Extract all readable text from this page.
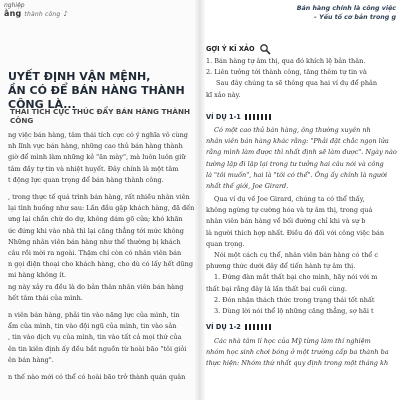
nghiệp
ằng thành công ♪
UYẾT ĐỊNH VẬN MỆNH,
ẦN CÓ ĐỂ BÁN HÀNG THÀNH CÔNG LÀ...
THÁI TÍCH CỰC THÚC ĐẨY BÁN HÀNG THÀNH CÔNG

ng việc bán hàng, tâm thái tích cực có ý nghĩa vô cùng

nh lĩnh vực bán hàng, những cao thủ bán hàng thành

giờ để mình làm những kẻ "ăn mày", mà luôn luôn giữ

tâm đầy tự tin và nhiệt huyết. Đây chính là một tâm

t động lực quan trọng để bán hàng thành công.

, trong thực tế quá trình bán hàng, rất nhiều nhân viên

lại tình huống như sau: Lần đầu gặp khách hàng, đã đến

ưng lại chần chừ do dự, không dám gõ cửa; khó khăn

ức đứng khi vào nhà thì lại căng thẳng tới mức không

Những nhân viên bán hàng như thế thường bị khách

câu rồi mời ra ngoài. Thậm chí còn có nhân viên bán

n gọi điện thoại cho khách hàng, cho dù có lấy hết dũng

mi hàng không ít.

ng này xảy ra đều là do bản thân nhân viên bán hàng

hết tâm thái của mình.

n viên bán hàng, phải tin vào năng lực của mình, tin

ẩm của mình, tin vào đội ngũ của mình, tin vào sản

, tin vào dịch vụ của mình, tin vào tất cả mọi thứ của

ên tin kiên định ấy đều bắt nguồn từ hoài bão "tôi giỏi

ên bán hàng".

n thế nào mới có thể có hoài bão trở thành quán quân

Bán hàng chính là công việc
– Yếu tố cơ bản trong g
GỢI Ý KĨ XẢO

1. Bán hàng tự âm thị, qua đó khích lệ bản thân.

2. Liên tưởng tới thành công, tăng thêm tự tin và

Sau đây chúng ta sẽ thông qua hai ví dụ để phân

kĩ xảo này.

VÍ DỤ 1-1

Có một cao thủ bán hàng, ông thường xuyên nh

nhân viên bán hàng khác rằng: "Phải đặt chắc ngọn lửa

rằng mình làm được thì nhất định sẽ làm được". Ngày nào

tường lặp đi lặp lại trong tư tưởng hai câu nói và công

là "tôi muốn", hai là "tôi có thể". Ông ấy chính là người

nhất thế giới, Joe Girard.

Qua ví dụ về Joe Girard, chúng ta có thể thấy,

không ngừng tự cường hóa và tự âm thị, trong quá

nhân viên bán hàng về bối đường chỉ khi và sự b

là người thích hợp nhất. Điều đó đối với công việc bán

quan trọng.

Nói một cách cụ thể, nhân viên bán hàng có thể c

phương thức dưới đây để tiến hành tự âm thị.

1. Đứng đàn mắt thất bại cho mình, hãy nói với m

thất bại rằng đây là lần thất bại cuối cùng.

2. Đón nhận thách thức trong trạng thái tốt nhất

3. Dùng lời nói thể lộ những căng thẳng, sợ hãi t

VÍ DỤ 1-2

Các nhà tâm lí học của Mỹ từng làm thí nghiệm

nhóm học sinh chơi bóng ở một trường cấp ba thành ba

thực hiện: Nhóm thứ nhất quy định trong một tháng kh
